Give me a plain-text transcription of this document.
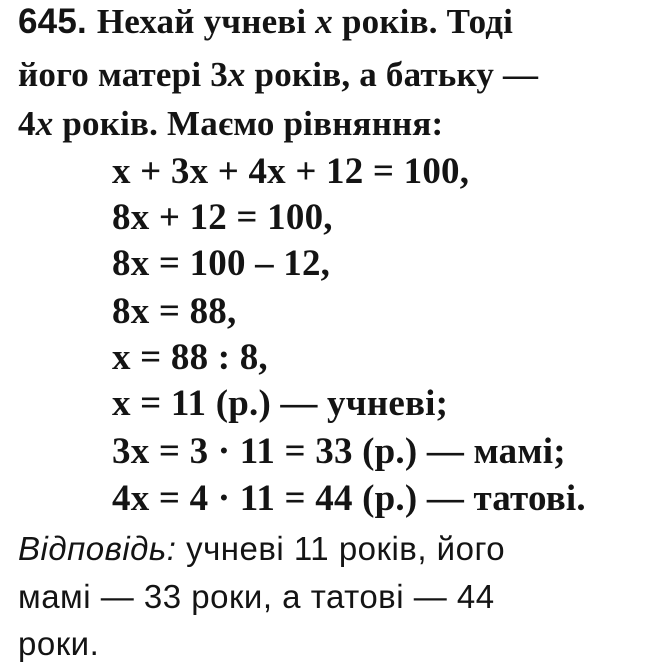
645. Нехай учневі x років. Тоді
його матері 3x років, а батьку —
4x років. Маємо рівняння:
x + 3x + 4x + 12 = 100,
8x + 12 = 100,
8x = 100 – 12,
8x = 88,
x = 88 : 8,
x = 11 (р.) — учневі;
3x = 3 · 11 = 33 (р.) — мамі;
4x = 4 · 11 = 44 (р.) — татові.
Відповідь: учневі 11 років, його
мамі — 33 роки, а татові — 44
роки.
